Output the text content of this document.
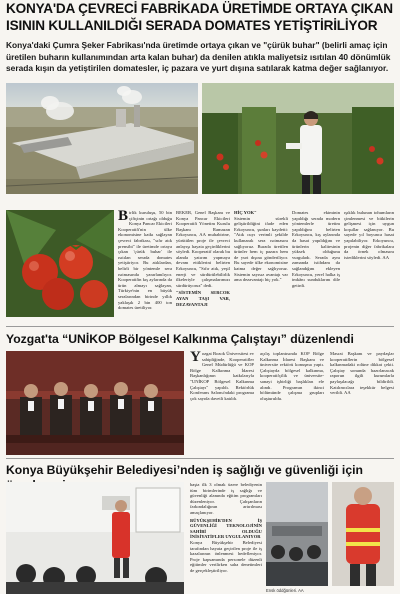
KONYA'DA ÇEVRECİ FABRİKADA ÜRETİMDE ORTAYA ÇIKAN
ISININ KULLANILDIĞI SERADA DOMATES YETİŞTİRİLİYOR
Konya'daki Çumra Şeker Fabrikası'nda üretimde ortaya çıkan ve "çürük buhar" (belirli amaç için üretilen buharın kullanımından arta kalan buhar) da denilen atıkla maliyetsiz ısıtılan 40 dönümlük serada kışın da yetiştirilen domatesler, iç pazara ve yurt dışına satılarak katma değer sağlanıyor.

Birlik kuruluşu, 50 bin çiftçinin ortağı olduğu Konya Pancar Ekicileri Kooperatifi'nin ülke ekonomisine katkı sağlayan çevreci fabrikası, "sıfır atık prensibi" ile üretimde ortaya çıkan 'çürük buhar' ile ısıtılan serada domates yetiştiriyor. Bu atıklardan, belirli bir yöntemle sera ısıtmasında yararlanılıyor. Kooperatifin kış aylarında da ürün almayı sağlayan, Türkiye'nin en büyük seralarından birinde yıllık yaklaşık 2 bin 400 ton domates üretiliyor.

BEKER, Genel Başkanı ve Konya Pancar Ekicileri Kooperatifi Yönetim Kurulu Başkanı Ramazan Erkoyuncu, AA muhabirine, yürütülen proje ile çevreci anlayışı hayata geçirdiklerini söyledi. Kooperatif olarak bu alanda yatırım yapmaya devam ettiklerini belirten Erkoyuncu, "Sıfır atık, yeşil enerji ve sürdürülebilirlik ilkeleriyle çalışmalarımızı sürdürüyoruz" dedi.

"SİSTEMİN SERCOK AYAN TAŞI VAR, DEZAVANTAJI

HİÇ YOK"

Sistemin sürekli geliştirildiğini ifade eden Erkoyuncu, şunları kaydetti: "Atık ısıyı verimli şekilde kullanarak sera ısıtmasını sağlıyoruz. Burada üretilen ürünler hem iç pazara hem de yurt dışına gönderiliyor. Bu sayede ülke ekonomisine katma değer sağlıyoruz. Sistemin sayısız avantajı var ama dezavantajı hiç yok."

Domates ekiminin yapıldığı serada modern yöntemlerle üretim yapıldığını belirten Erkoyuncu, kış aylarında da hasat yapıldığını ve ürünlerin kalitesinin yüksek olduğunu vurguladı. Serada aynı zamanda istihdam da sağlandığını ekleyen Erkoyuncu, yerel halka iş imkânı sunduklarını dile getirdi.

ışıklık bulunan tohumların çimlenmesi ve bitkilerin gelişmesi için uygun koşullar sağlanıyor. Bu sayede yıl boyunca hasat yapılabiliyor. Erkoyuncu, projenin diğer fabrikalara da örnek olmasını istediklerini söyledi. AA

Yozgat'ta “UNİKOP Bölgesel Kalkınma Çalıştayı” düzenlendi

Yozgat Bozok Üniversitesi ev sahipliğinde, Kooperatifler Genel Müdürlüğü ve KOP Bölge Kalkınma İdaresi Başkanlığının katkılarıyla "UNİKOP Bölgesel Kalkınma Çalıştayı" yapıldı. Rektörlük Konferans Salonu'ndaki programa çok sayıda davetli katıldı.

açılış toplantısında KOP Bölge Kalkınma İdaresi Başkanı ve üniversite rektörü konuşma yaptı. Çalıştayda bölgesel kalkınma, kooperatifçilik ve üniversite-sanayi işbirliği başlıkları ele alındı. Programın ikinci bölümünde çalışma grupları oluşturuldu.

Masrai Başkanı ve paydaşlar kooperatiflerin bölgesel kalkınmadaki rolüne dikkat çekti. Çalıştay sonunda hazırlanacak raporun ilgili kurumlarla paylaşılacağı bildirildi. Katılımcılara teşekkür belgesi verildi. AA

Konya Büyükşehir Belediyesi’nden iş sağlığı ve güvenliği için

başta ilk 3 olmak üzere belediyenin tüm birimlerinde iş sağlığı ve güvenliği alanında eğitim programları düzenleniyor. Çalışanların farkındalığının artırılması amaçlanıyor.

BÜYÜKŞEHİR'DEN İŞ GÜVENLİĞİ TEKNOLOJİNİN SAHİBİ OLDUĞU İNİSİYATİFLER UYGULANIYOR

Konya Büyükşehir Belediyesi tarafından hayata geçirilen proje ile iş kazalarının önlenmesi hedefleniyor. Proje kapsamında personele düzenli eğitimler verilirken saha denetimleri de gerçekleştiriliyor.

Ensk öddğünleri. AA
